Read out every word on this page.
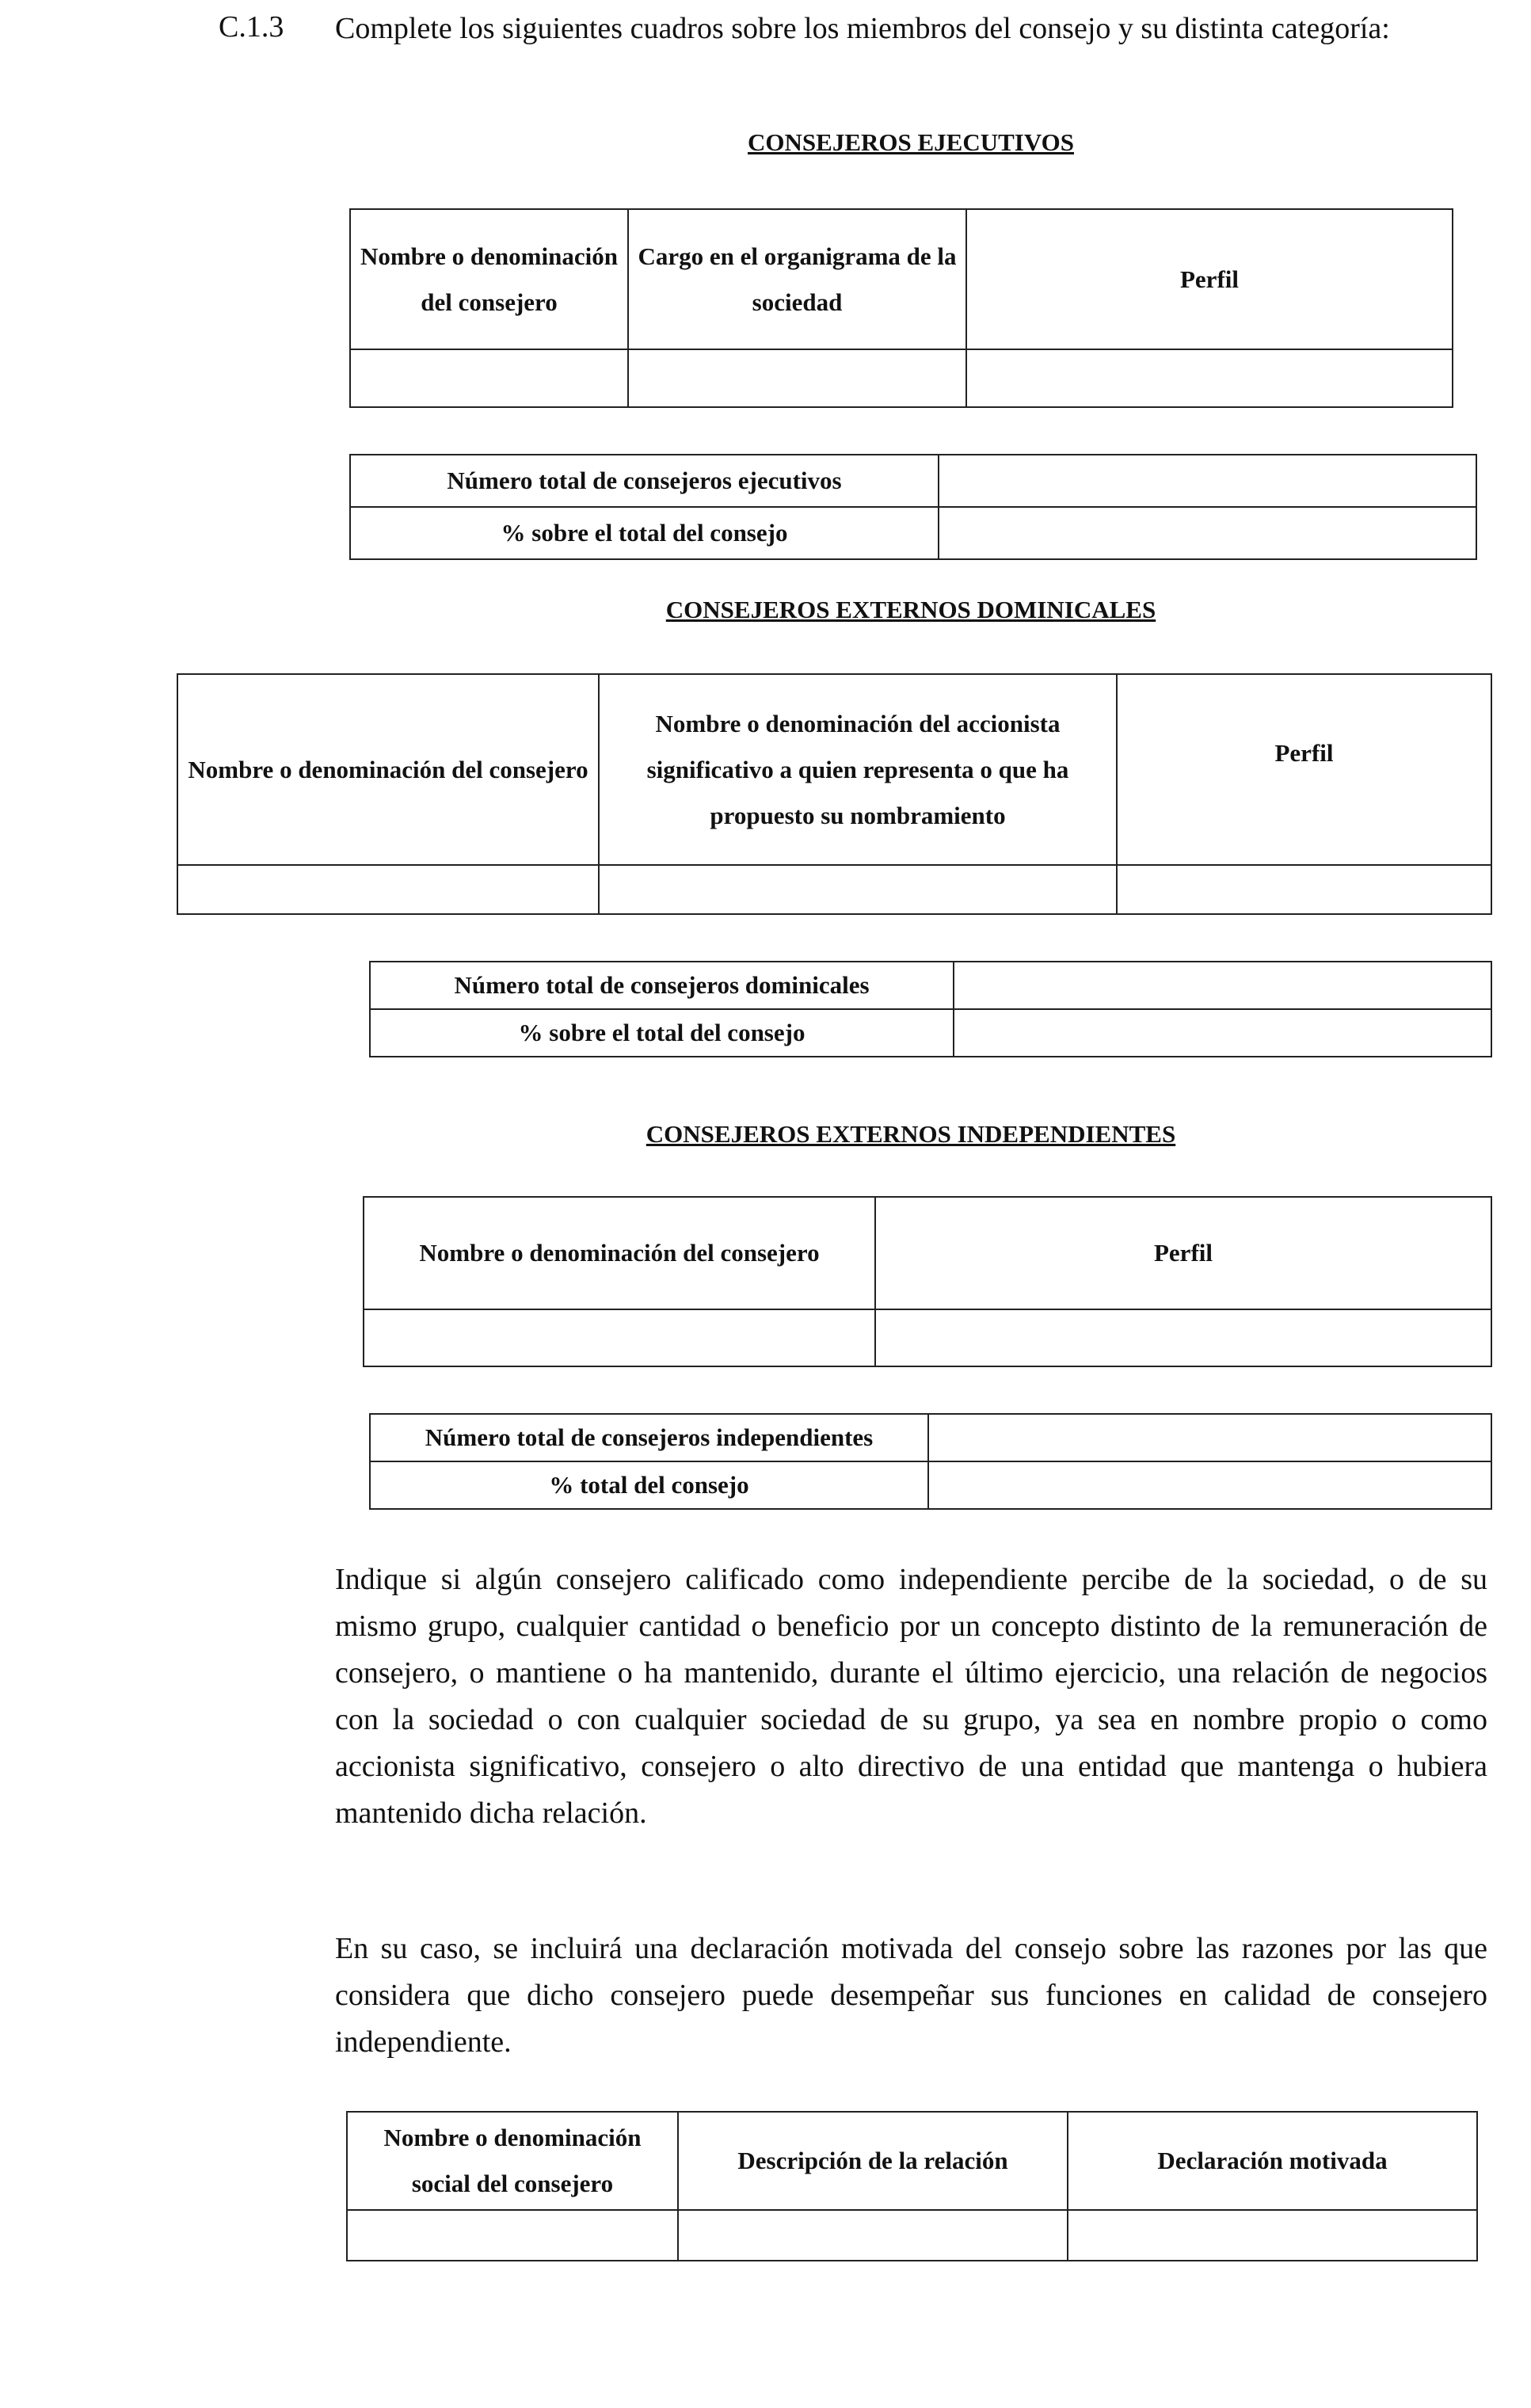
C.1.3 Complete los siguientes cuadros sobre los miembros del consejo y su distinta categoría:
CONSEJEROS EJECUTIVOS
Nombre o denominación del consejero	Cargo en el organigrama de la sociedad	Perfil

Número total de consejeros ejecutivos	
% sobre el total del consejo	
CONSEJEROS EXTERNOS DOMINICALES
Nombre o denominación del consejero	Nombre o denominación del accionista significativo a quien representa o que ha propuesto su nombramiento	Perfil

Número total de consejeros dominicales	
% sobre el total del consejo	
CONSEJEROS EXTERNOS INDEPENDIENTES
Nombre o denominación del consejero	Perfil

Número total de consejeros independientes	
% total del consejo	
Indique si algún consejero calificado como independiente percibe de la sociedad, o de su mismo grupo, cualquier cantidad o beneficio por un concepto distinto de la remuneración de consejero, o mantiene o ha mantenido, durante el último ejercicio, una relación de negocios con la sociedad o con cualquier sociedad de su grupo, ya sea en nombre propio o como accionista significativo, consejero o alto directivo de una entidad que mantenga o hubiera mantenido dicha relación.
En su caso, se incluirá una declaración motivada del consejo sobre las razones por las que considera que dicho consejero puede desempeñar sus funciones en calidad de consejero independiente.
Nombre o denominación social del consejero	Descripción de la relación	Declaración motivada
